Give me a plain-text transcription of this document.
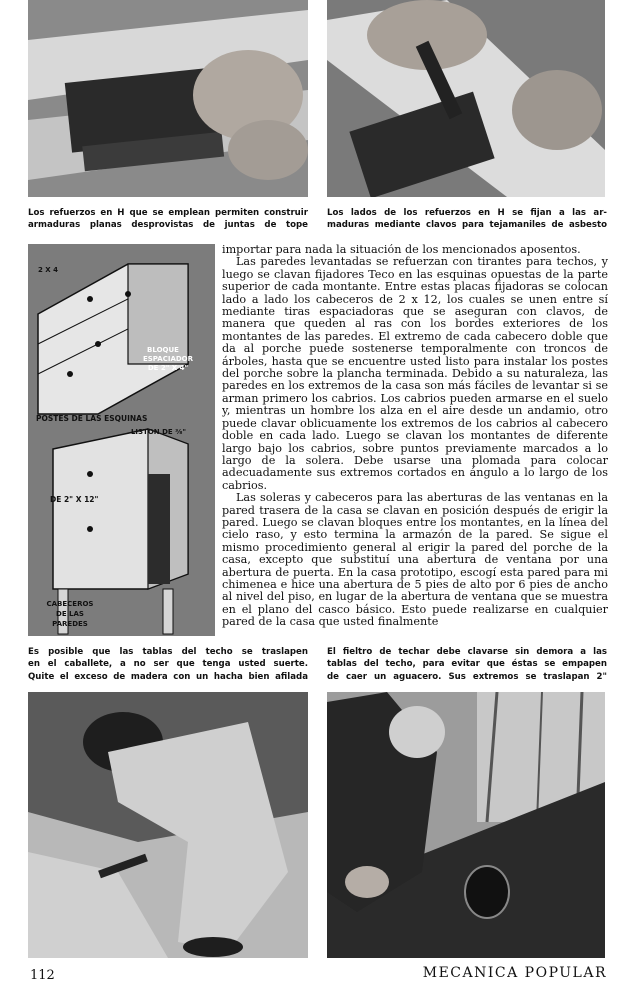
Los refuerzos en H que se emplean permiten construir
armaduras planas desprovistas de juntas de tope
Los lados de los refuerzos en H se fijan a las ar-
maduras mediante clavos para tejamaniles de asbesto
2 X 4
BLOQUE
ESPACIADOR
DE 2" X 4"
POSTES DE LAS ESQUINAS
LISTON DE ⅜"
DE 2" X 12"
CABECEROS
DE LAS
PAREDES

importar para nada la situación de los mencionados aposentos.

Las paredes levantadas se refuerzan con tirantes para techos, y luego se clavan fijadores Teco en las esquinas opuestas de la parte superior de cada montante. Entre estas placas fijadoras se colocan lado a lado los cabeceros de 2 x 12, los cuales se unen entre sí mediante tiras espaciadoras que se aseguran con clavos, de manera que queden al ras con los bordes exteriores de los montantes de las paredes. El extremo de cada cabecero doble que da al porche puede sostenerse temporalmente con troncos de árboles, hasta que se encuentre usted listo para instalar los postes del porche sobre la plancha terminada. Debido a su naturaleza, las paredes en los extremos de la casa son más fáciles de levantar si se arman primero los cabrios. Los cabrios pueden armarse en el suelo y, mientras un hombre los alza en el aire desde un andamio, otro puede clavar oblicuamente los extremos de los cabrios al cabecero doble en cada lado. Luego se clavan los montantes de diferente largo bajo los cabrios, sobre puntos previamente marcados a lo largo de la solera. Debe usarse una plomada para colocar adecuadamente sus extremos cortados en ángulo a lo largo de los cabrios.

Las soleras y cabeceros para las aberturas de las ventanas en la pared trasera de la casa se clavan en posición después de erigir la pared. Luego se clavan bloques entre los montantes, en la línea del cielo raso, y esto termina la armazón de la pared. Se sigue el mismo procedimiento general al erigir la pared del porche de la casa, excepto que substituí una abertura de ventana por una abertura de puerta. En la casa prototipo, escogí esta pared para mi chimenea e hice una abertura de 5 pies de alto por 6 pies de ancho al nivel del piso, en lugar de la abertura de ventana que se muestra en el plano del casco básico. Esto puede realizarse en cualquier pared de la casa que usted finalmente

Es posible que las tablas del techo se traslapen
en el caballete, a no ser que tenga usted suerte.
Quite el exceso de madera con un hacha bien afilada
El fieltro de techar debe clavarse sin demora a las
tablas del techo, para evitar que éstas se empapen
de caer un aguacero. Sus extremos se traslapan 2"
112	MECANICA POPULAR
